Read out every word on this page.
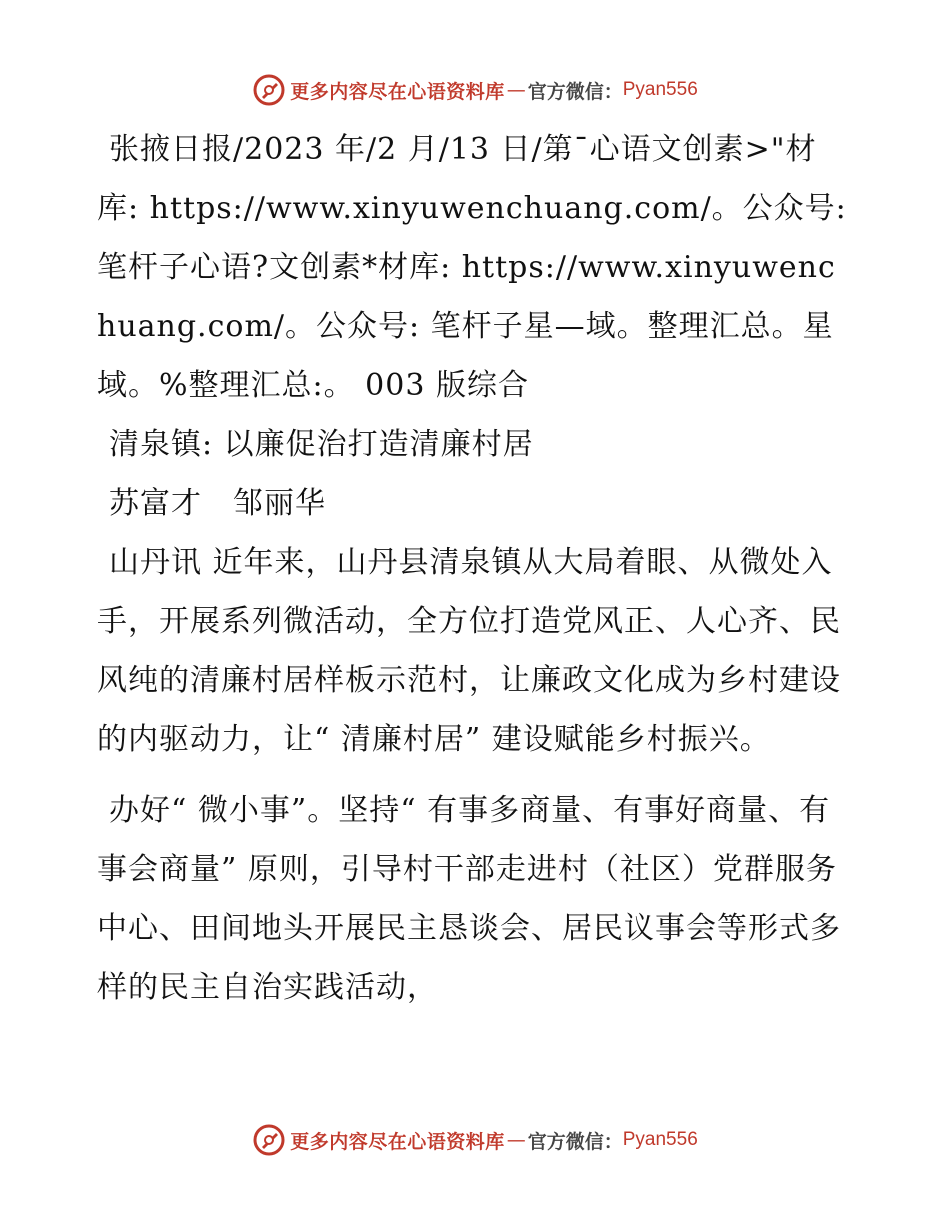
更多内容尽在心语资料库 — 官方微信： Pyan556

张掖日报/2023 年/2 月/13 日/第¯心语文创素>"材库: https://www.xinyuwenchuang.com/。公众号: 笔杆子心语?文创素*材库: https://www.xinyuwenchuang.com/。公众号: 笔杆子星—域。整理汇总。星域。%整理汇总:。 003 版综合

清泉镇: 以廉促治打造清廉村居

苏富才　邹丽华

山丹讯 近年来，山丹县清泉镇从大局着眼、从微处入手，开展系列微活动，全方位打造党风正、人心齐、民风纯的清廉村居样板示范村，让廉政文化成为乡村建设的内驱动力，让“ 清廉村居” 建设赋能乡村振兴。

办好“ 微小事”。坚持“ 有事多商量、有事好商量、有事会商量” 原则，引导村干部走进村（社区）党群服务中心、田间地头开展民主恳谈会、居民议事会等形式多样的民主自治实践活动，

更多内容尽在心语资料库 — 官方微信： Pyan556
